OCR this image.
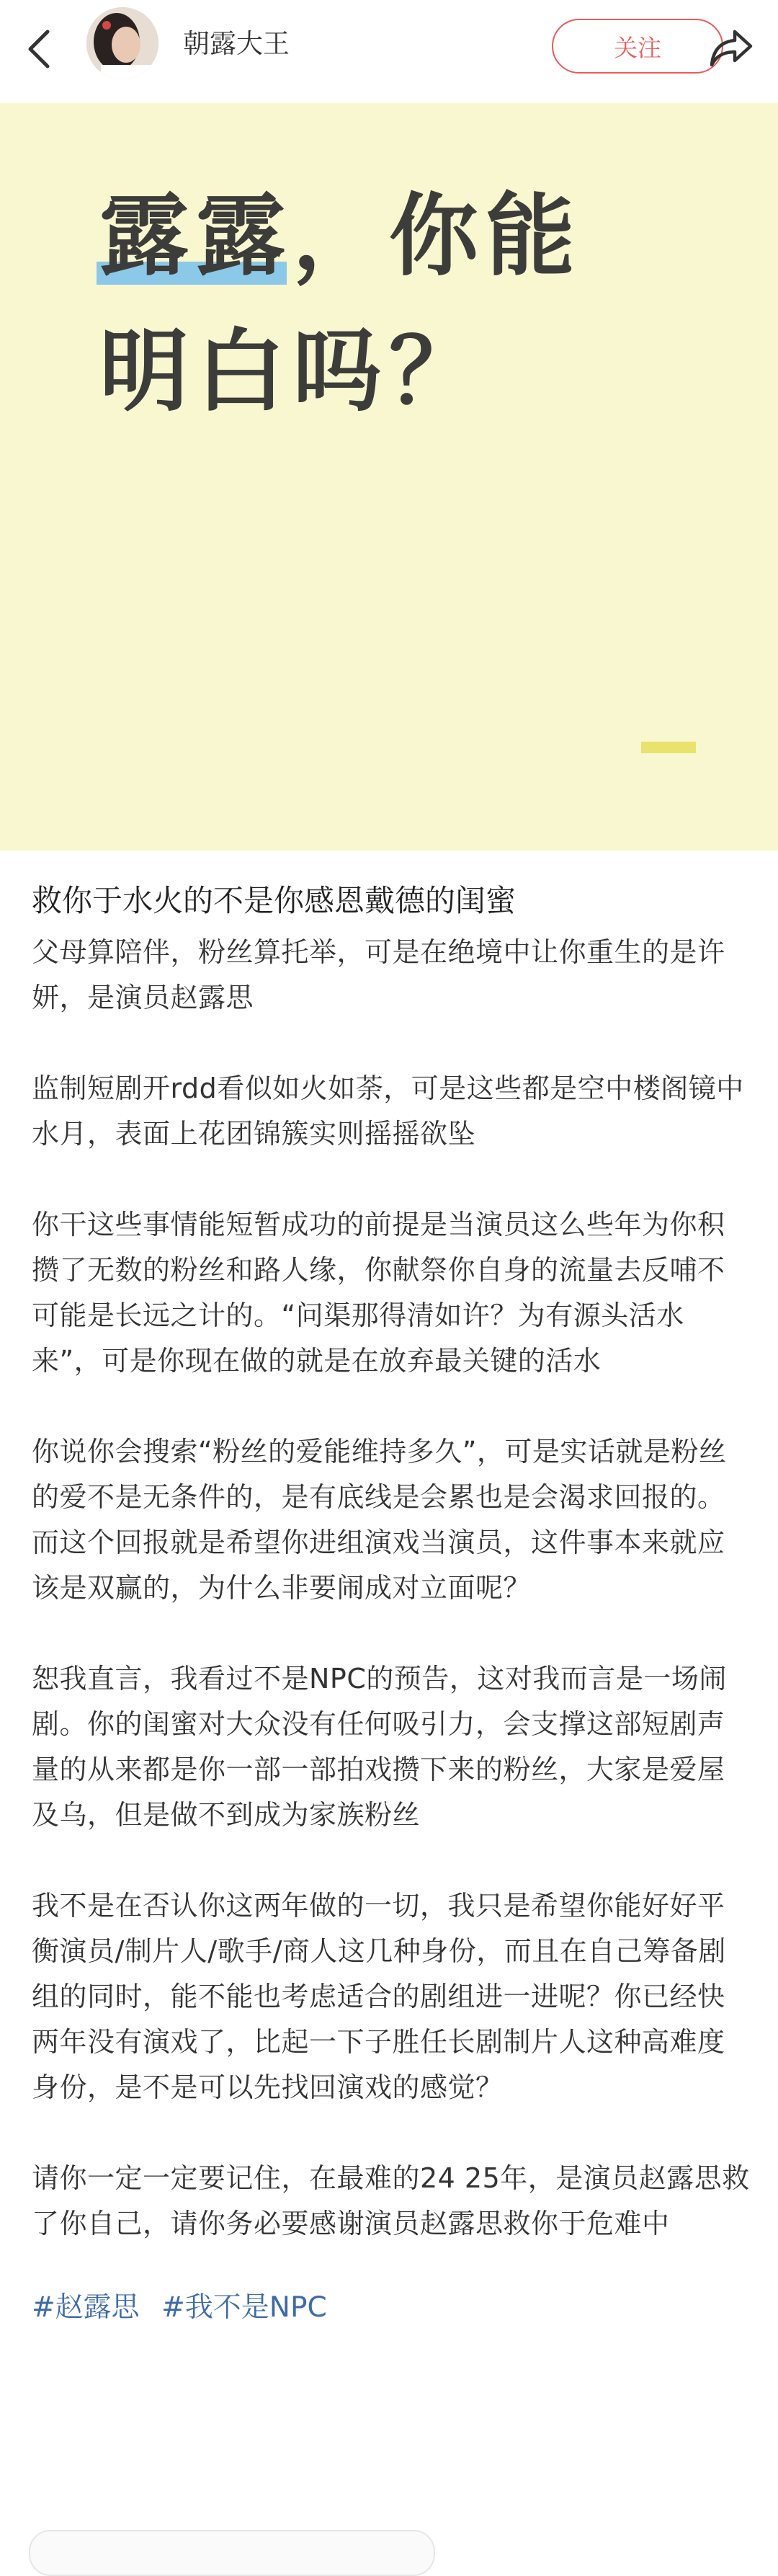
朝露大王	关注
露露，你能
明白吗？
救你于水火的不是你感恩戴德的闺蜜

父母算陪伴，粉丝算托举，可是在绝境中让你重生的是许妍，是演员赵露思

监制短剧开rdd看似如火如荼，可是这些都是空中楼阁镜中水月，表面上花团锦簇实则摇摇欲坠

你干这些事情能短暂成功的前提是当演员这么些年为你积攒了无数的粉丝和路人缘，你献祭你自身的流量去反哺不可能是长远之计的。“问渠那得清如许？为有源头活水来”，可是你现在做的就是在放弃最关键的活水

你说你会搜索“粉丝的爱能维持多久”，可是实话就是粉丝的爱不是无条件的，是有底线是会累也是会渴求回报的。而这个回报就是希望你进组演戏当演员，这件事本来就应该是双赢的，为什么非要闹成对立面呢？

恕我直言，我看过不是NPC的预告，这对我而言是一场闹剧。你的闺蜜对大众没有任何吸引力，会支撑这部短剧声量的从来都是你一部一部拍戏攒下来的粉丝，大家是爱屋及乌，但是做不到成为家族粉丝

我不是在否认你这两年做的一切，我只是希望你能好好平衡演员/制片人/歌手/商人这几种身份，而且在自己筹备剧组的同时，能不能也考虑适合的剧组进一进呢？你已经快两年没有演戏了，比起一下子胜任长剧制片人这种高难度身份，是不是可以先找回演戏的感觉？

请你一定一定要记住，在最难的24 25年，是演员赵露思救了你自己，请你务必要感谢演员赵露思救你于危难中

#赵露思 #我不是NPC
